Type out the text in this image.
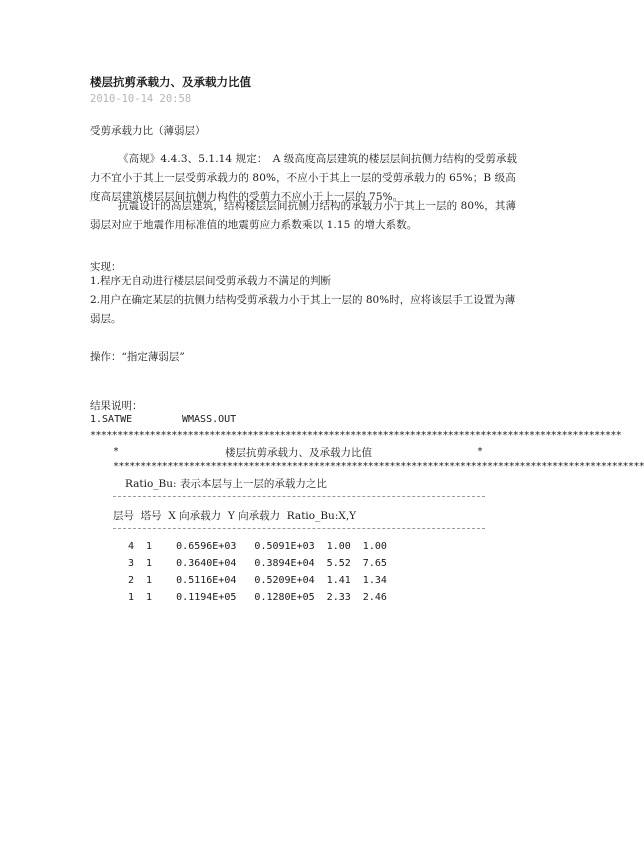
楼层抗剪承载力、及承载力比值
2010-10-14 20:58
受剪承载力比（薄弱层）
《高规》4.4.3、5.1.14 规定：　A 级高度高层建筑的楼层层间抗侧力结构的受剪承载力不宜小于其上一层受剪承载力的 80%，不应小于其上一层的受剪承载力的 65%；B 级高度高层建筑楼层层间抗侧力构件的受剪力不应小于上一层的 75%。
抗震设计的高层建筑，结构楼层层间抗侧力结构的承载力小于其上一层的 80%，其薄弱层对应于地震作用标准值的地震剪应力系数乘以 1.15 的增大系数。
实现：
1.程序无自动进行楼层层间受剪承载力不满足的判断
2.用户在确定某层的抗侧力结构受剪承载力小于其上一层的 80%时，应将该层手工设置为薄
弱层。
操作：“指定薄弱层”
结果说明：
1.SATWE	WMASS.OUT
**************************************************************************************************
*	楼层抗剪承载力、及承载力比值	*
**************************************************************************************************
Ratio_Bu: 表示本层与上一层的承载力之比
层号  塔号  X 向承载力  Y 向承载力  Ratio_Bu:X,Y
4  1    0.6596E+03   0.5091E+03  1.00  1.00
3  1    0.3640E+04   0.3894E+04  5.52  7.65
2  1    0.5116E+04   0.5209E+04  1.41  1.34
1  1    0.1194E+05   0.1280E+05  2.33  2.46
